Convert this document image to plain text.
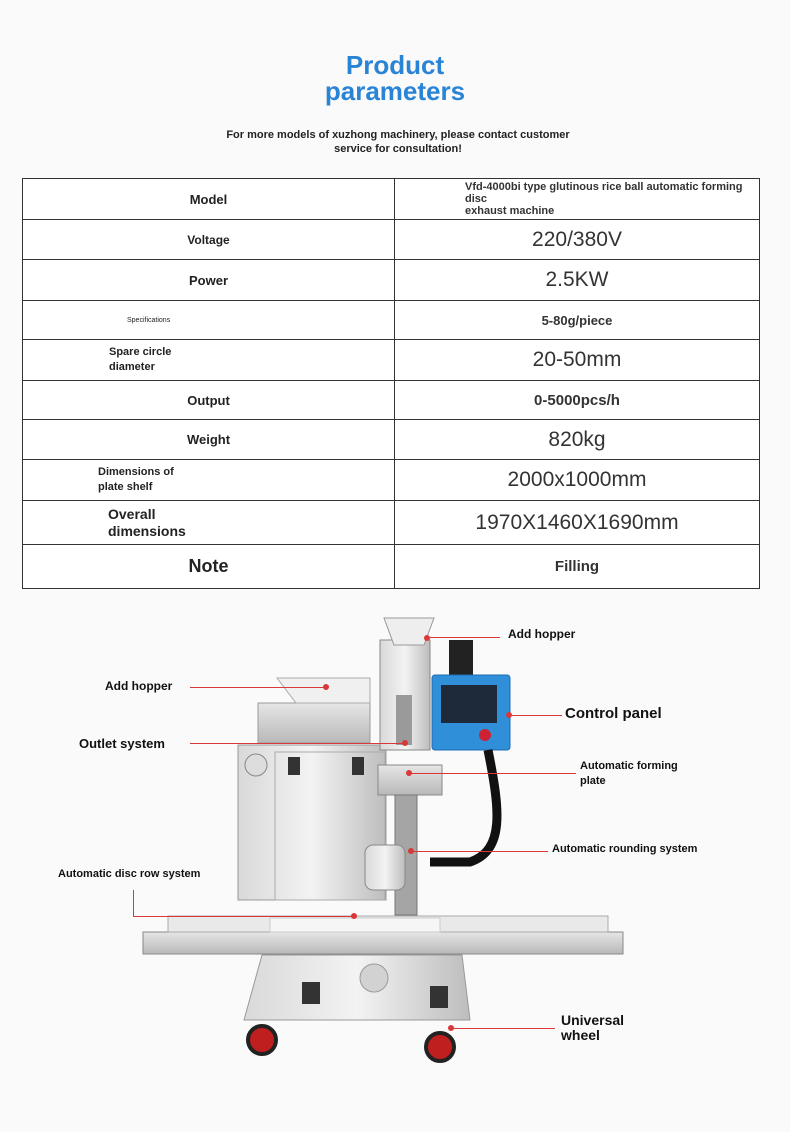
Product
parameters
For more models of xuzhong machinery, please contact customer
service for consultation!
Model	Vfd-4000bi type glutinous rice ball automatic forming disc
exhaust machine

Voltage	220/380V
Power	2.5KW
Specifications	5-80g/piece

Spare circle
diameter	20-50mm
Output	0-5000pcs/h
Weight	820kg

Dimensions of
plate shelf	2000x1000mm

Overall
dimensions	1970X1460X1690mm
Note	Filling
Add hopper
Add hopper
Control panel
Outlet system
Automatic forming
plate
Automatic rounding system
Automatic disc row system
Universal
wheel
